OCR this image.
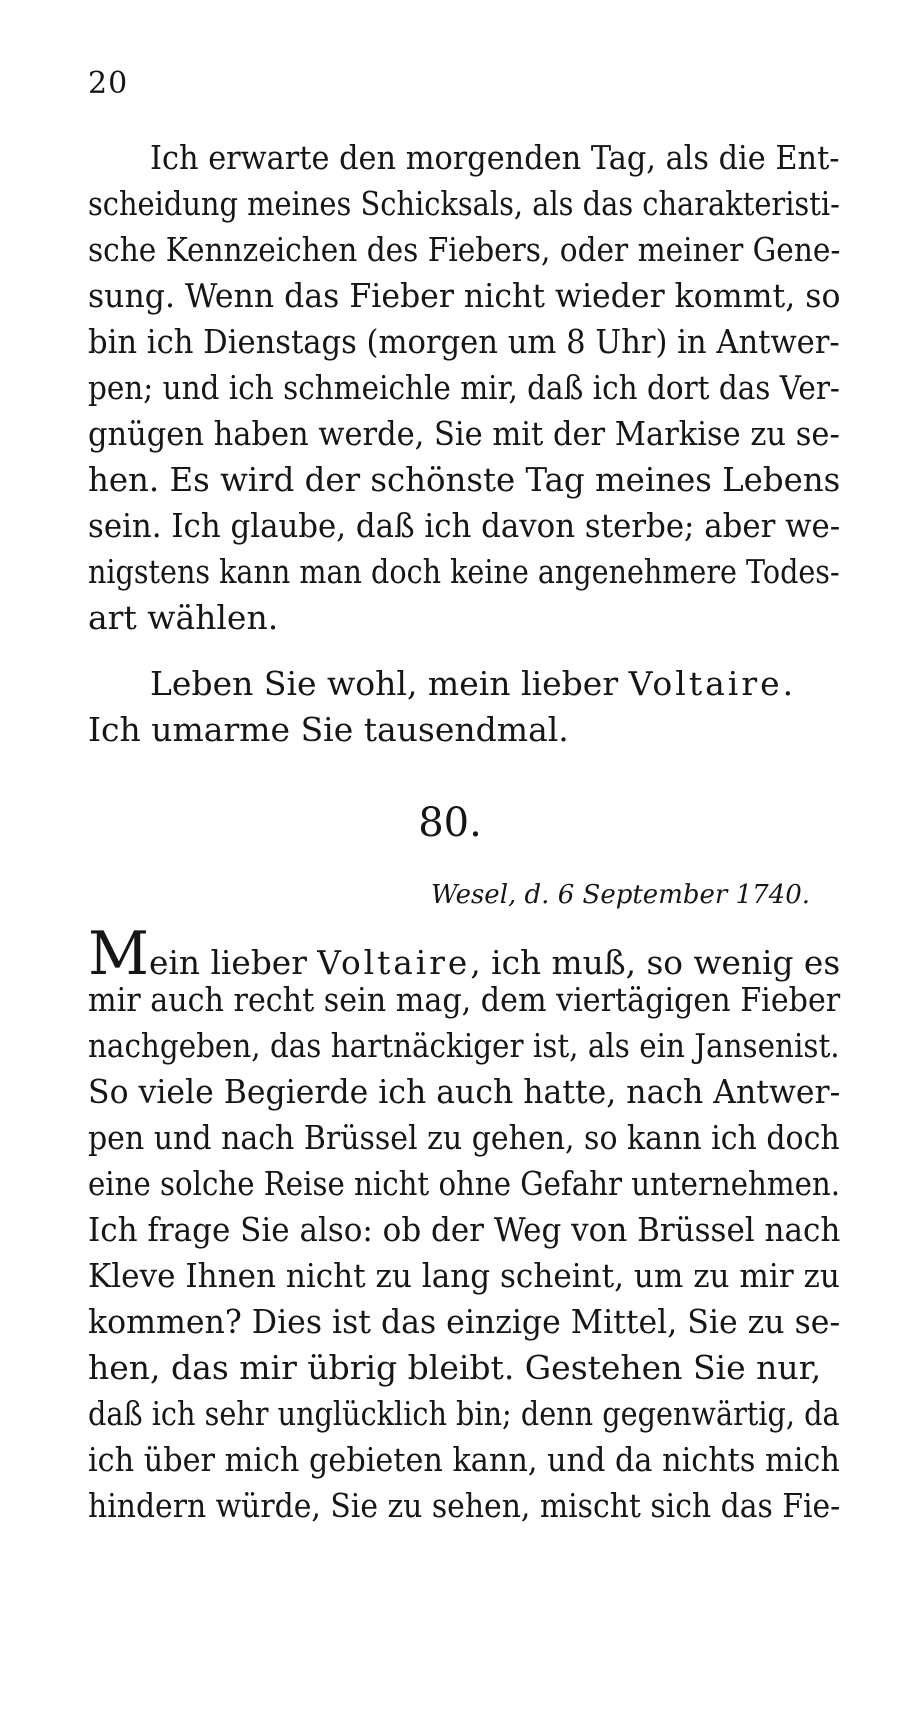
20
Ich erwarte den morgenden Tag, als die Ent-
scheidung meines Schicksals, als das charakteristi-
sche Kennzeichen des Fiebers, oder meiner Gene-
sung. Wenn das Fieber nicht wieder kommt, so
bin ich Dienstags (morgen um 8 Uhr) in Antwer-
pen; und ich schmeichle mir, daß ich dort das Ver-
gnügen haben werde, Sie mit der Markise zu se-
hen. Es wird der schönste Tag meines Lebens
sein. Ich glaube, daß ich davon sterbe; aber we-
nigstens kann man doch keine angenehmere Todes-
art wählen.
Leben Sie wohl, mein lieber Voltaire.
Ich umarme Sie tausendmal.
80.
Wesel, d. 6 September 1740.
Mein lieber Voltaire, ich muß, so wenig es
mir auch recht sein mag, dem viertägigen Fieber
nachgeben, das hartnäckiger ist, als ein Jansenist.
So viele Begierde ich auch hatte, nach Antwer-
pen und nach Brüssel zu gehen, so kann ich doch
eine solche Reise nicht ohne Gefahr unternehmen.
Ich frage Sie also: ob der Weg von Brüssel nach
Kleve Ihnen nicht zu lang scheint, um zu mir zu
kommen? Dies ist das einzige Mittel, Sie zu se-
hen, das mir übrig bleibt. Gestehen Sie nur,
daß ich sehr unglücklich bin; denn gegenwärtig, da
ich über mich gebieten kann, und da nichts mich
hindern würde, Sie zu sehen, mischt sich das Fie-
